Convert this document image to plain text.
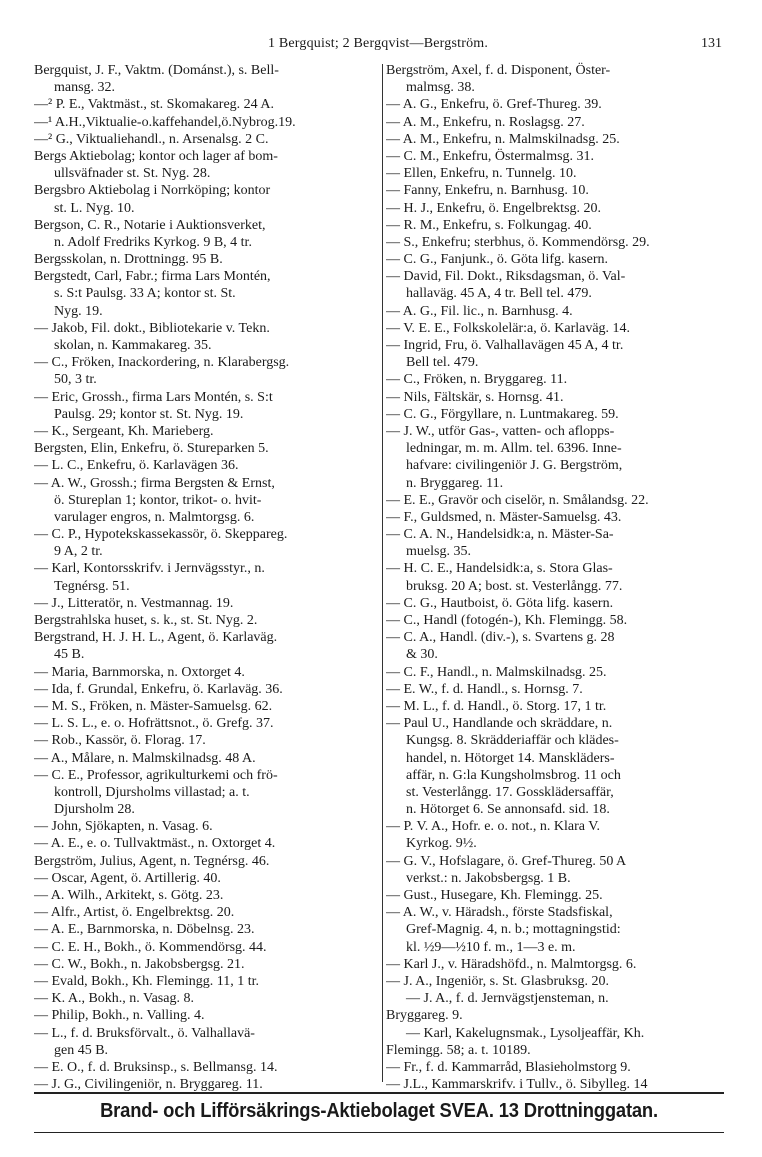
1 Bergquist; 2 Bergqvist—Bergström.	131
Bergquist, J. F., Vaktm. (Dománst.), s. Bell-
mansg. 32.
—² P. E., Vaktmäst., st. Skomakareg. 24 A.
—¹ A.H.,Viktualie-o.kaffehandel,ö.Nybrog.19.
—² G., Viktualiehandl., n. Arsenalsg. 2 C.
Bergs Aktiebolag; kontor och lager af bom-
ullsväfnader st. St. Nyg. 28.
Bergsbro Aktiebolag i Norrköping; kontor
st. L. Nyg. 10.
Bergson, C. R., Notarie i Auktionsverket,
n. Adolf Fredriks Kyrkog. 9 B, 4 tr.
Bergsskolan, n. Drottningg. 95 B.
Bergstedt, Carl, Fabr.; firma Lars Montén,
s. S:t Paulsg. 33 A; kontor st. St.
Nyg. 19.
— Jakob, Fil. dokt., Bibliotekarie v. Tekn.
skolan, n. Kammakareg. 35.
— C., Fröken, Inackordering, n. Klarabergsg.
50, 3 tr.
— Eric, Grossh., firma Lars Montén, s. S:t
Paulsg. 29; kontor st. St. Nyg. 19.
— K., Sergeant, Kh. Marieberg.
Bergsten, Elin, Enkefru, ö. Stureparken 5.
— L. C., Enkefru, ö. Karlavägen 36.
— A. W., Grossh.; firma Bergsten & Ernst,
ö. Stureplan 1; kontor, trikot- o. hvit-
varulager engros, n. Malmtorgsg. 6.
— C. P., Hypotekskassekassör, ö. Skeppareg.
9 A, 2 tr.
— Karl, Kontorsskrifv. i Jernvägsstyr., n.
Tegnérsg. 51.
— J., Litteratör, n. Vestmannag. 19.
Bergstrahlska huset, s. k., st. St. Nyg. 2.
Bergstrand, H. J. H. L., Agent, ö. Karlaväg.
45 B.
— Maria, Barnmorska, n. Oxtorget 4.
— Ida, f. Grundal, Enkefru, ö. Karlaväg. 36.
— M. S., Fröken, n. Mäster-Samuelsg. 62.
— L. S. L., e. o. Hofrättsnot., ö. Grefg. 37.
— Rob., Kassör, ö. Florag. 17.
— A., Målare, n. Malmskilnadsg. 48 A.
— C. E., Professor, agrikulturkemi och frö-
kontroll, Djursholms villastad; a. t.
Djursholm 28.
— John, Sjökapten, n. Vasag. 6.
— A. E., e. o. Tullvaktmäst., n. Oxtorget 4.
Bergström, Julius, Agent, n. Tegnérsg. 46.
— Oscar, Agent, ö. Artillerig. 40.
— A. Wilh., Arkitekt, s. Götg. 23.
— Alfr., Artist, ö. Engelbrektsg. 20.
— A. E., Barnmorska, n. Döbelnsg. 23.
— C. E. H., Bokh., ö. Kommendörsg. 44.
— C. W., Bokh., n. Jakobsbergsg. 21.
— Evald, Bokh., Kh. Flemingg. 11, 1 tr.
— K. A., Bokh., n. Vasag. 8.
— Philip, Bokh., n. Valling. 4.
— L., f. d. Bruksförvalt., ö. Valhallavä-
gen 45 B.
— E. O., f. d. Bruksinsp., s. Bellmansg. 14.
— J. G., Civilingeniör, n. Bryggareg. 11.
Bergström, Axel, f. d. Disponent, Öster-
malmsg. 38.
— A. G., Enkefru, ö. Gref-Thureg. 39.
— A. M., Enkefru, n. Roslagsg. 27.
— A. M., Enkefru, n. Malmskilnadsg. 25.
— C. M., Enkefru, Östermalmsg. 31.
— Ellen, Enkefru, n. Tunnelg. 10.
— Fanny, Enkefru, n. Barnhusg. 10.
— H. J., Enkefru, ö. Engelbrektsg. 20.
— R. M., Enkefru, s. Folkungag. 40.
— S., Enkefru; sterbhus, ö. Kommendörsg. 29.
— C. G., Fanjunk., ö. Göta lifg. kasern.
— David, Fil. Dokt., Riksdagsman, ö. Val-
hallaväg. 45 A, 4 tr. Bell tel. 479.
— A. G., Fil. lic., n. Barnhusg. 4.
— V. E. E., Folkskolelär:a, ö. Karlaväg. 14.
— Ingrid, Fru, ö. Valhallavägen 45 A, 4 tr.
Bell tel. 479.
— C., Fröken, n. Bryggareg. 11.
— Nils, Fältskär, s. Hornsg. 41.
— C. G., Förgyllare, n. Luntmakareg. 59.
— J. W., utför Gas-, vatten- och aflopps-
ledningar, m. m. Allm. tel. 6396. Inne-
hafvare: civilingeniör J. G. Bergström,
n. Bryggareg. 11.
— E. E., Gravör och ciselör, n. Smålandsg. 22.
— F., Guldsmed, n. Mäster-Samuelsg. 43.
— C. A. N., Handelsidk:a, n. Mäster-Sa-
muelsg. 35.
— H. C. E., Handelsidk:a, s. Stora Glas-
bruksg. 20 A; bost. st. Vesterlångg. 77.
— C. G., Hautboist, ö. Göta lifg. kasern.
— C., Handl (fotogén-), Kh. Flemingg. 58.
— C. A., Handl. (div.-), s. Svartens g. 28
& 30.
— C. F., Handl., n. Malmskilnadsg. 25.
— E. W., f. d. Handl., s. Hornsg. 7.
— M. L., f. d. Handl., ö. Storg. 17, 1 tr.
— Paul U., Handlande och skräddare, n.
Kungsg. 8. Skrädderiaffär och klädes-
handel, n. Hötorget 14. Manskläders-
affär, n. G:la Kungsholmsbrog. 11 och
st. Vesterlångg. 17. Gossklädersaffär,
n. Hötorget 6. Se annonsafd. sid. 18.
— P. V. A., Hofr. e. o. not., n. Klara V.
Kyrkog. 9½.
— G. V., Hofslagare, ö. Gref-Thureg. 50 A
verkst.: n. Jakobsbergsg. 1 B.
— Gust., Husegare, Kh. Flemingg. 25.
— A. W., v. Häradsh., förste Stadsfiskal,
Gref-Magnig. 4, n. b.; mottagningstid:
kl. ½9—½10 f. m., 1—3 e. m.
— Karl J., v. Häradshöfd., n. Malmtorgsg. 6.
— J. A., Ingeniör, s. St. Glasbruksg. 20.
— J. A., f. d. Jernvägstjensteman, n.
Bryggareg. 9.
— Karl, Kakelugnsmak., Lysoljeaffär, Kh.
Flemingg. 58; a. t. 10189.
— Fr., f. d. Kammarråd, Blasieholmstorg 9.
— J.L., Kammarskrifv. i Tullv., ö. Sibylleg. 14
Brand- och Lifförsäkrings-Aktiebolaget SVEA. 13 Drottninggatan.
